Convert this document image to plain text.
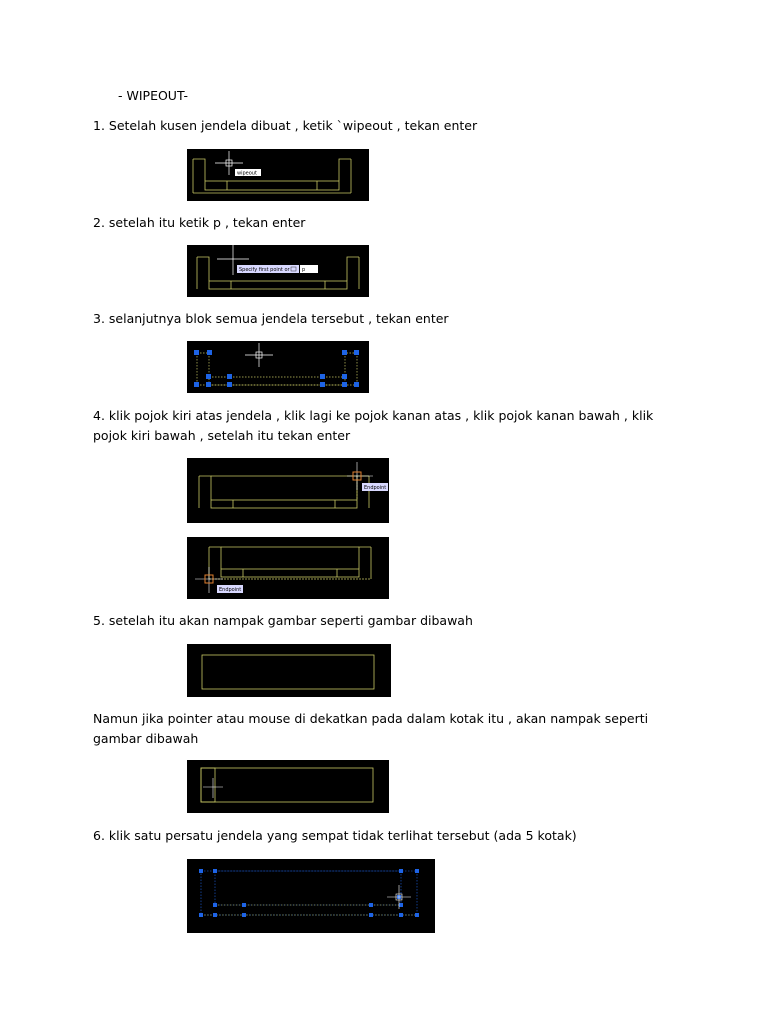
- WIPEOUT-
1. Setelah kusen jendela dibuat , ketik `wipeout , tekan enter
wipeout
2. setelah itu ketik p , tekan enter
Specify first point or p
3. selanjutnya blok semua jendela tersebut , tekan enter
4. klik pojok kiri atas jendela , klik lagi ke pojok kanan atas , klik pojok kanan bawah , klik pojok kiri bawah , setelah itu tekan enter
Endpoint
Endpoint
5. setelah itu akan nampak gambar seperti gambar dibawah
Namun jika pointer atau mouse di dekatkan pada dalam kotak itu , akan nampak seperti gambar dibawah
6. klik satu persatu jendela yang sempat tidak terlihat tersebut (ada 5 kotak)
